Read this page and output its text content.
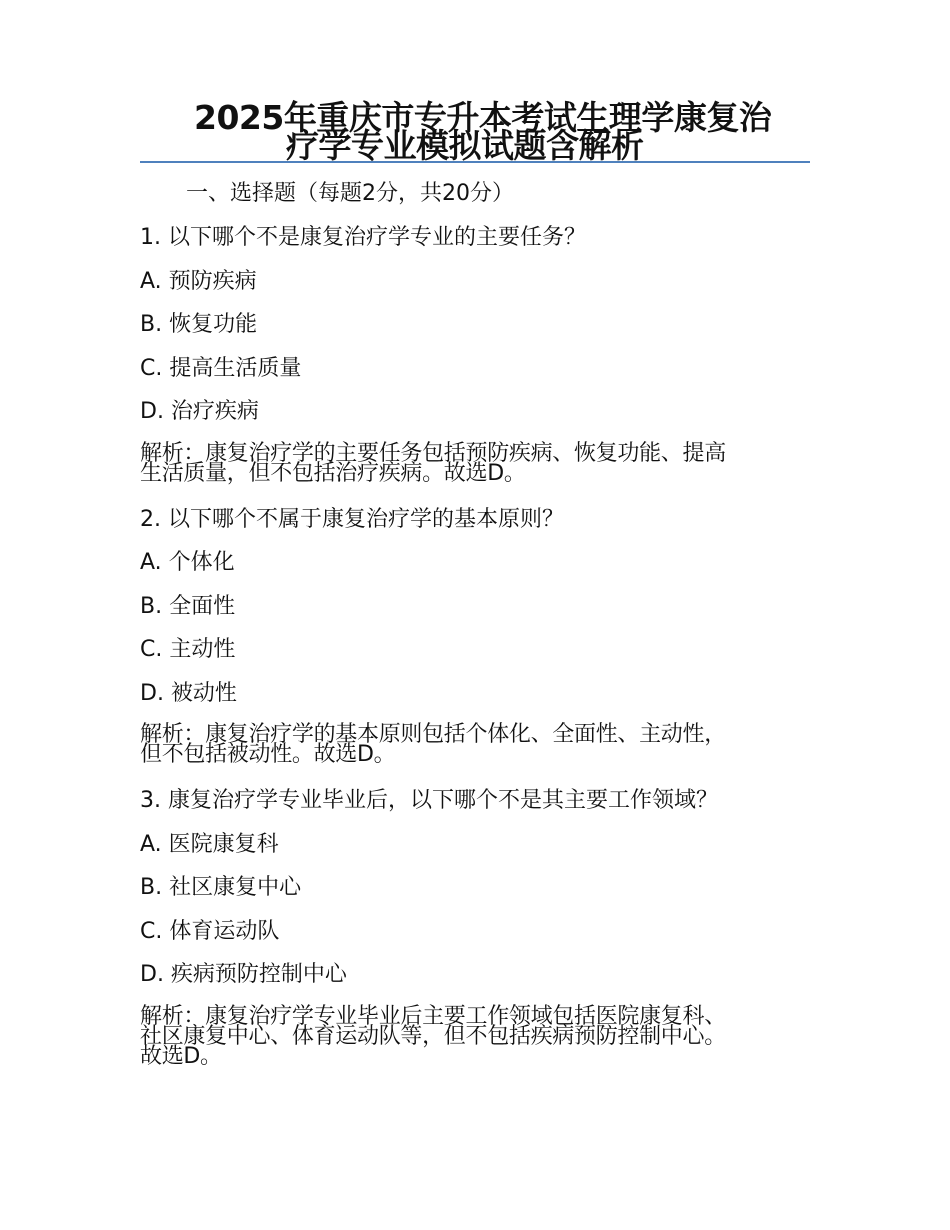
2025年重庆市专升本考试生理学康复治
疗学专业模拟试题含解析
一、选择题（每题2分，共20分）
1. 以下哪个不是康复治疗学专业的主要任务？
A. 预防疾病
B. 恢复功能
C. 提高生活质量
D. 治疗疾病
解析：康复治疗学的主要任务包括预防疾病、恢复功能、提高
生活质量，但不包括治疗疾病。故选D。
2. 以下哪个不属于康复治疗学的基本原则？
A. 个体化
B. 全面性
C. 主动性
D. 被动性
解析：康复治疗学的基本原则包括个体化、全面性、主动性，
但不包括被动性。故选D。
3. 康复治疗学专业毕业后，以下哪个不是其主要工作领域？
A. 医院康复科
B. 社区康复中心
C. 体育运动队
D. 疾病预防控制中心
解析：康复治疗学专业毕业后主要工作领域包括医院康复科、
社区康复中心、体育运动队等，但不包括疾病预防控制中心。
故选D。
